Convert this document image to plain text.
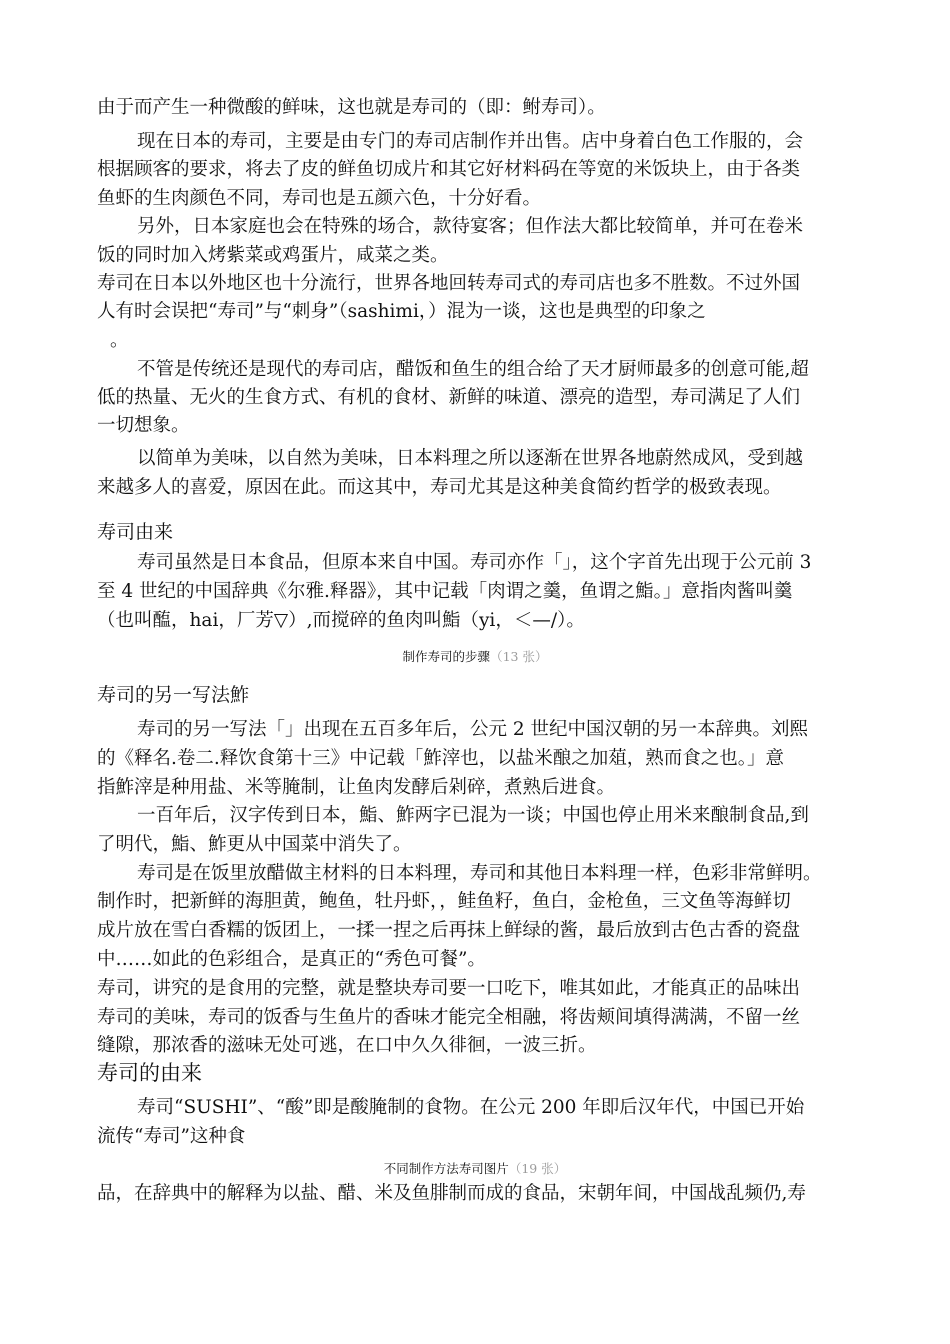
由于而产生一种微酸的鲜味，这也就是寿司的（即：鲋寿司）。
现在日本的寿司，主要是由专门的寿司店制作并出售。店中身着白色工作服的，会
根据顾客的要求，将去了皮的鲜鱼切成片和其它好材料码在等宽的米饭块上，由于各类
鱼虾的生肉颜色不同，寿司也是五颜六色，十分好看。
另外，日本家庭也会在特殊的场合，款待宴客；但作法大都比较简单，并可在卷米
饭的同时加入烤紫菜或鸡蛋片，咸菜之类。
寿司在日本以外地区也十分流行，世界各地回转寿司式的寿司店也多不胜数。不过外国
人有时会误把“寿司”与“刺身”（sashimi，）混为一谈，这也是典型的印象之
。
不管是传统还是现代的寿司店，醋饭和鱼生的组合给了天才厨师最多的创意可能,超
低的热量、无火的生食方式、有机的食材、新鲜的味道、漂亮的造型，寿司满足了人们
一切想象。
以简单为美味，以自然为美味，日本料理之所以逐渐在世界各地蔚然成风，受到越
来越多人的喜爱，原因在此。而这其中，寿司尤其是这种美食简约哲学的极致表现。
寿司由来
寿司虽然是日本食品，但原本来自中国。寿司亦作「」，这个字首先出现于公元前 3
至 4 世纪的中国辞典《尔雅.释器》，其中记载「肉谓之羹，鱼谓之鮨。」意指肉酱叫羹
（也叫醢，hai，厂芳▽）,而搅碎的鱼肉叫鮨（yi，＜—/）。
制作寿司的步骤（13 张）
寿司的另一写法鮓
寿司的另一写法「」出现在五百多年后，公元 2 世纪中国汉朝的另一本辞典。刘熙
的《释名.卷二.释饮食第十三》中记载「鮓滓也，以盐米酿之加葅，熟而食之也。」意
指鮓滓是种用盐、米等腌制，让鱼肉发酵后剁碎，煮熟后进食。
一百年后，汉字传到日本，鮨、鮓两字已混为一谈；中国也停止用米来酿制食品,到
了明代，鮨、鮓更从中国菜中消失了。
寿司是在饭里放醋做主材料的日本料理，寿司和其他日本料理一样，色彩非常鲜明。
制作时，把新鲜的海胆黄，鲍鱼，牡丹虾，，鲑鱼籽，鱼白，金枪鱼，三文鱼等海鲜切
成片放在雪白香糯的饭团上，一揉一捏之后再抹上鲜绿的酱，最后放到古色古香的瓷盘
中……如此的色彩组合，是真正的“秀色可餐”。
寿司，讲究的是食用的完整，就是整块寿司要一口吃下，唯其如此，才能真正的品味出
寿司的美味，寿司的饭香与生鱼片的香味才能完全相融，将齿颊间填得满满，不留一丝
缝隙，那浓香的滋味无处可逃，在口中久久徘徊，一波三折。
寿司的由来
寿司“SUSHI”、“酸”即是酸腌制的食物。在公元 200 年即后汉年代，中国已开始
流传“寿司”这种食
不同制作方法寿司图片（19 张）
品，在辞典中的解释为以盐、醋、米及鱼腓制而成的食品，宋朝年间，中国战乱频仍,寿
